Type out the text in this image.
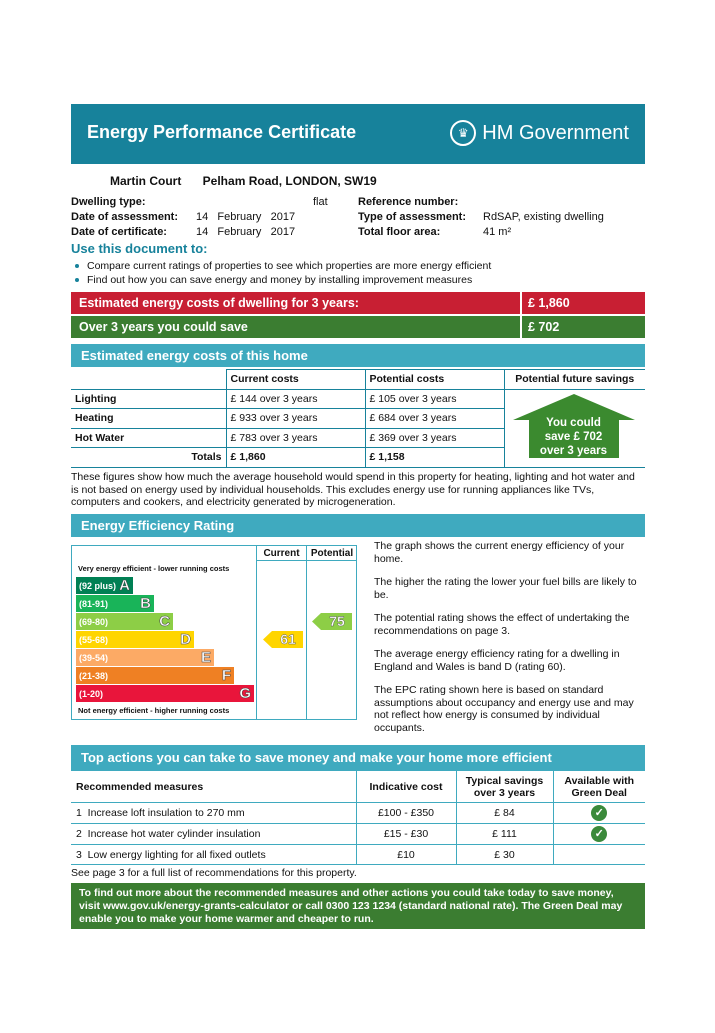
Energy Performance Certificate	♛ HM Government
Martin Court Pelham Road, LONDON, SW19
Dwelling type:	flat
Date of assessment:	14   February   2017
Date of certificate:	14   February   2017
Reference number:
Type of assessment:	RdSAP, existing dwelling
Total floor area:	41 m²
Use this document to:
Compare current ratings of properties to see which properties are more energy efficient
Find out how you can save energy and money by installing improvement measures
Estimated energy costs of dwelling for 3 years:	£ 1,860
Over 3 years you could save	£ 702
Estimated energy costs of this home
	Current costs	Potential costs	Potential future savings
Lighting	£ 144 over 3 years	£ 105 over 3 years	You could
save £ 702
over 3 years

Heating	£ 933 over 3 years	£ 684 over 3 years	
Hot Water	£ 783 over 3 years	£ 369 over 3 years	
Totals	£ 1,860	£ 1,158	
These figures show how much the average household would spend in this property for heating, lighting and hot water and is not based on energy used by individual households. This excludes energy use for running appliances like TVs, computers and cookers, and electricity generated by microgeneration.
Energy Efficiency Rating
Current	Potential
Very energy efficient - lower running costs
Not energy efficient - higher running costs
(92 plus) A
(81-91) B
(69-80)	C
(55-68)	D
(39-54)	E
(21-38)	F
(1-20)	G
61
75

The graph shows the current energy efficiency of your home.

The higher the rating the lower your fuel bills are likely to be.

The potential rating shows the effect of undertaking the recommendations on page 3.

The average energy efficiency rating for a dwelling in England and Wales is band D (rating 60).

The EPC rating shown here is based on standard assumptions about occupancy and energy use and may not reflect how energy is consumed by individual occupants.

Top actions you can take to save money and make your home more efficient
Recommended measures	Indicative cost	Typical savings over 3 years	Available with Green Deal
1  Increase loft insulation to 270 mm	£100 - £350	£ 84	✓
2  Increase hot water cylinder insulation	£15 - £30	£ 111	✓
3  Low energy lighting for all fixed outlets	£10	£ 30	
See page 3 for a full list of recommendations for this property.
To find out more about the recommended measures and other actions you could take today to save money, visit www.gov.uk/energy-grants-calculator or call 0300 123 1234 (standard national rate). The Green Deal may enable you to make your home warmer and cheaper to run.
